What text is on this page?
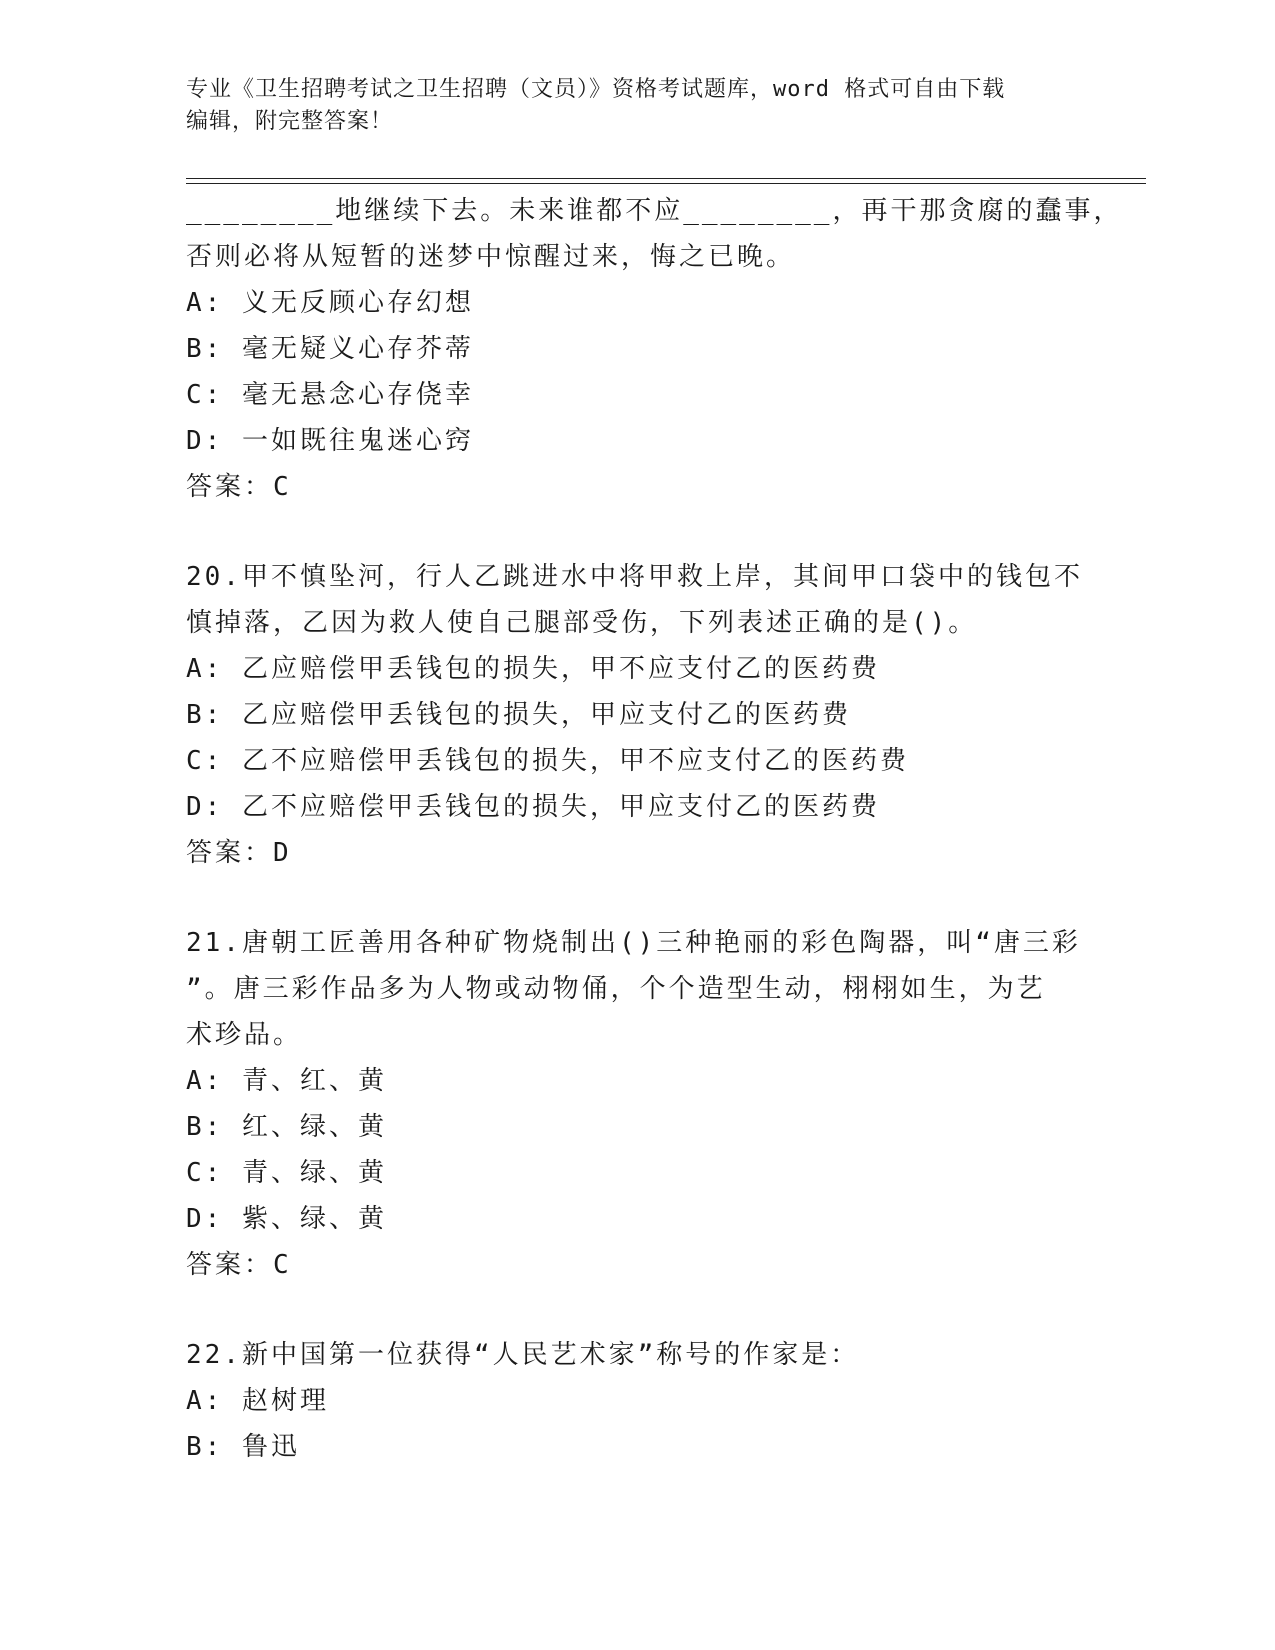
专业《卫生招聘考试之卫生招聘（文员）》资格考试题库，word 格式可自由下载
编辑，附完整答案！
________地继续下去。未来谁都不应________，再干那贪腐的蠢事，
否则必将从短暂的迷梦中惊醒过来，悔之已晚。
A: 义无反顾心存幻想
B: 毫无疑义心存芥蒂
C: 毫无悬念心存侥幸
D: 一如既往鬼迷心窍
答案：C
20.甲不慎坠河，行人乙跳进水中将甲救上岸，其间甲口袋中的钱包不
慎掉落，乙因为救人使自己腿部受伤，下列表述正确的是()。
A: 乙应赔偿甲丢钱包的损失，甲不应支付乙的医药费
B: 乙应赔偿甲丢钱包的损失，甲应支付乙的医药费
C: 乙不应赔偿甲丢钱包的损失，甲不应支付乙的医药费
D: 乙不应赔偿甲丢钱包的损失，甲应支付乙的医药费
答案：D
21.唐朝工匠善用各种矿物烧制出()三种艳丽的彩色陶器，叫“唐三彩
”。唐三彩作品多为人物或动物俑，个个造型生动，栩栩如生，为艺
术珍品。
A: 青、红、黄
B: 红、绿、黄
C: 青、绿、黄
D: 紫、绿、黄
答案：C
22.新中国第一位获得“人民艺术家”称号的作家是：
A: 赵树理
B: 鲁迅
